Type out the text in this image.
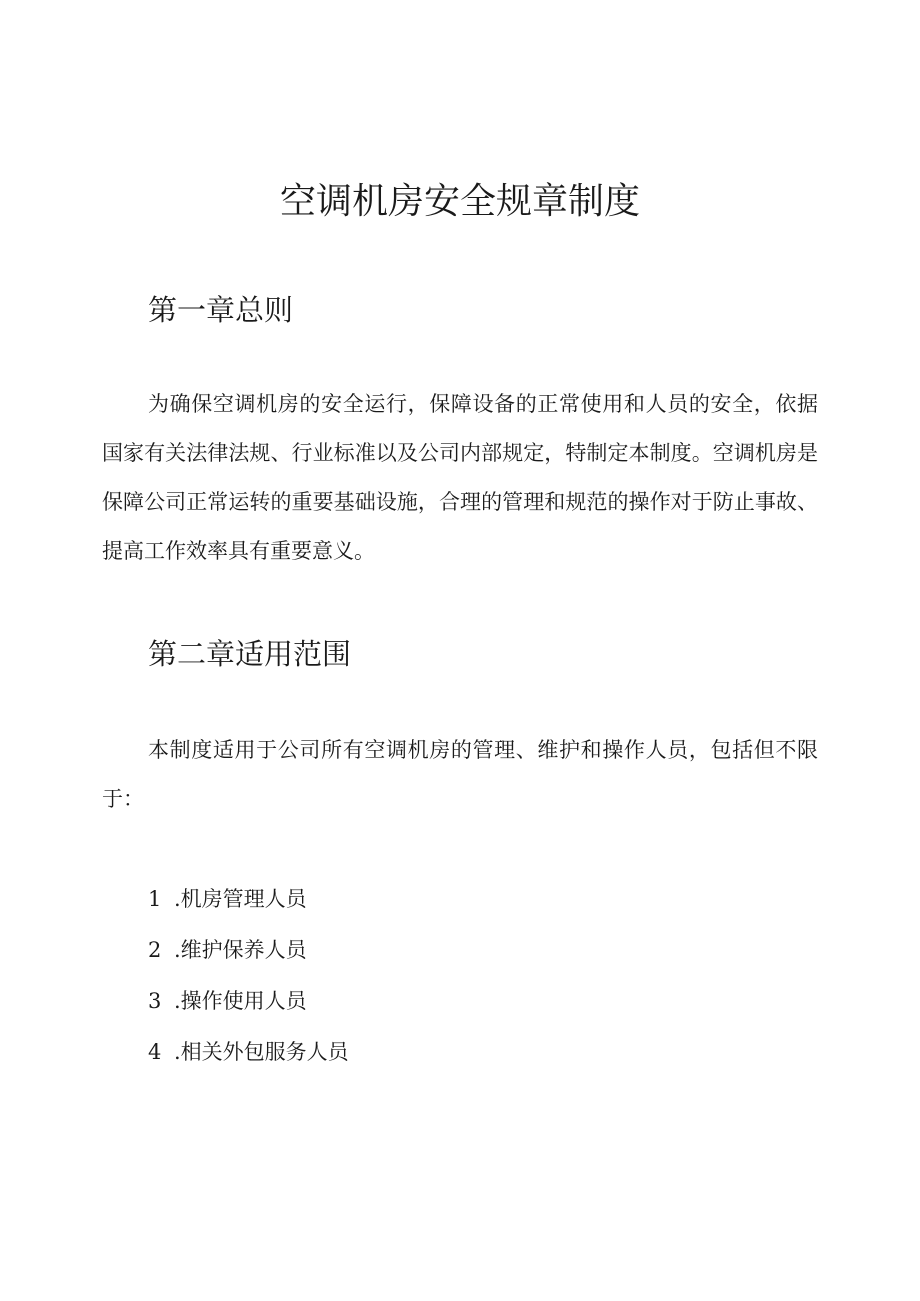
空调机房安全规章制度
第一章总则

为确保空调机房的安全运行，保障设备的正常使用和人员的安全，依据国家有关法律法规、行业标准以及公司内部规定，特制定本制度。空调机房是保障公司正常运转的重要基础设施，合理的管理和规范的操作对于防止事故、提高工作效率具有重要意义。

第二章适用范围

本制度适用于公司所有空调机房的管理、维护和操作人员，包括但不限于：

1 .机房管理人员
2 .维护保养人员
3 .操作使用人员
4 .相关外包服务人员
